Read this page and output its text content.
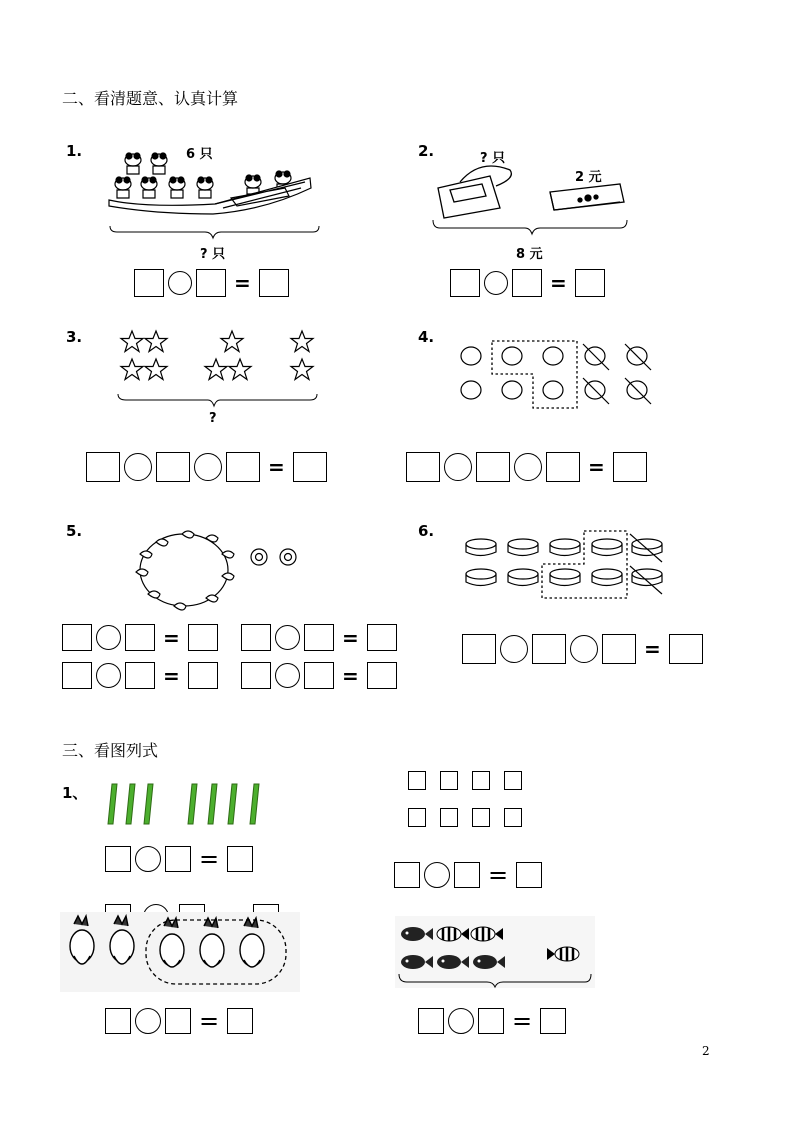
二、看清题意、认真计算
1.	6 只
? 只
=
2.	? 只
2 元
8 元
=
3.
?
=
4.
=
5.
=	=
=	=
6.
=
三、看图列式
1、
=
=
=	=
2
